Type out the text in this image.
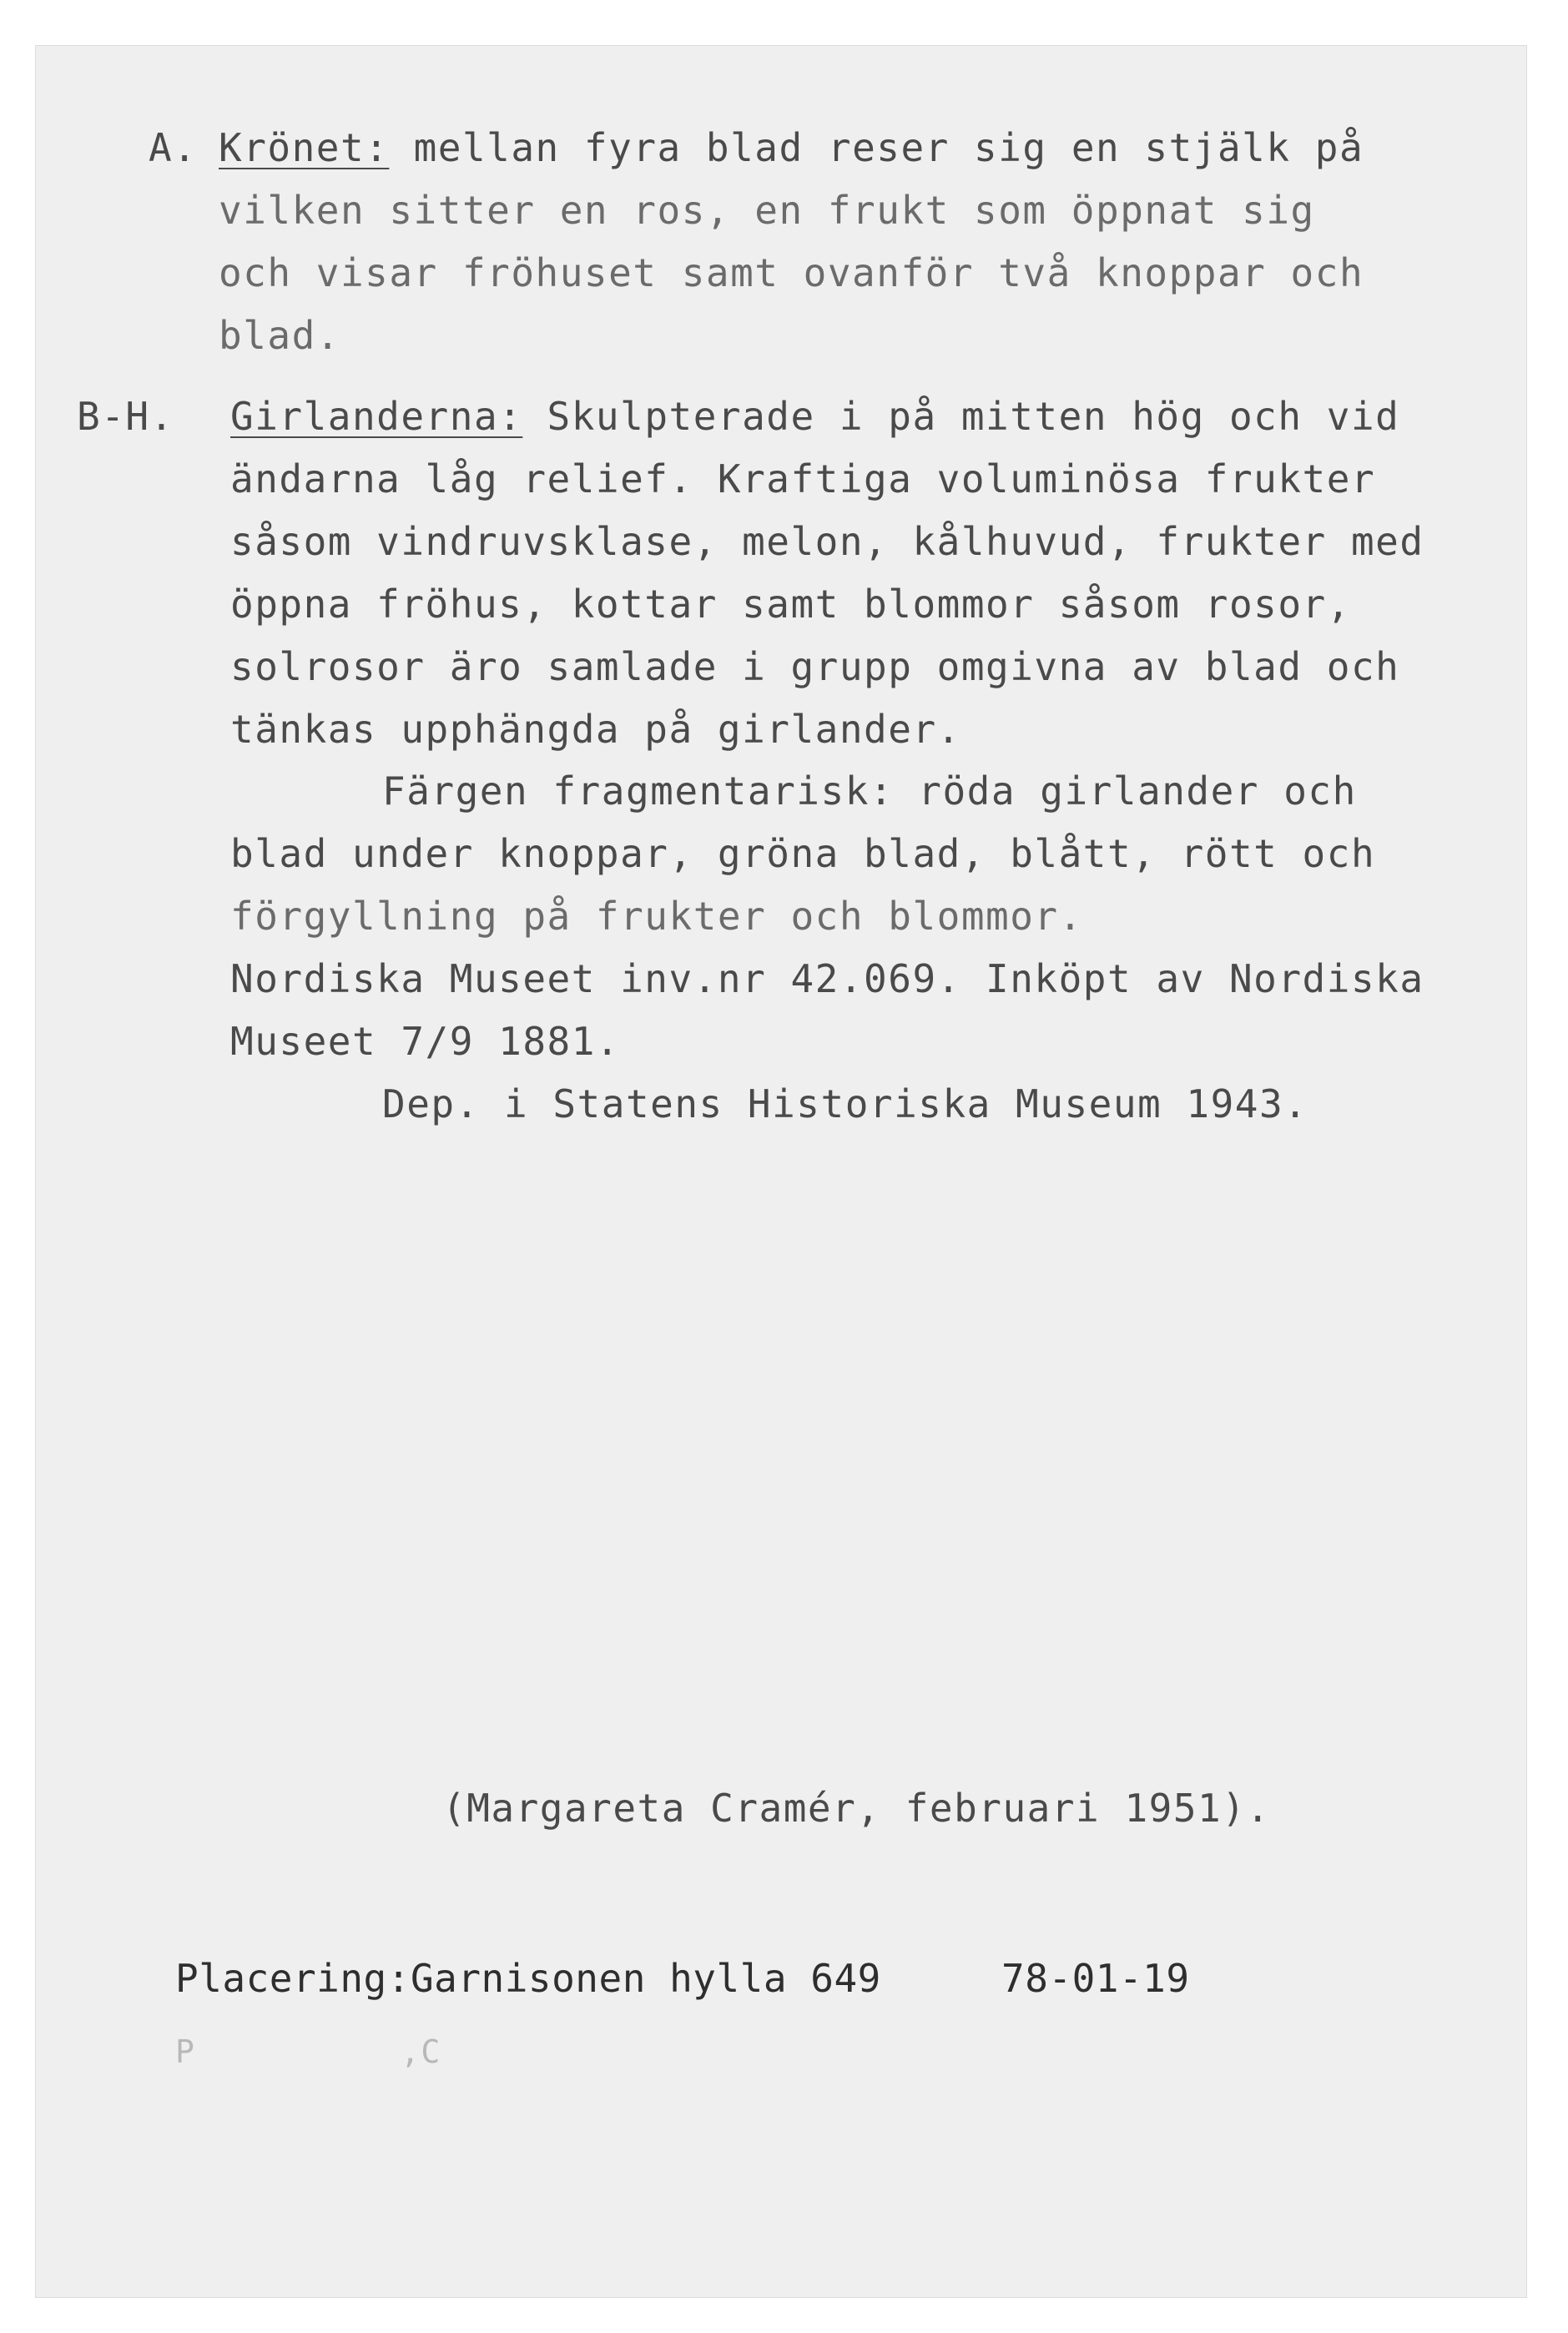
A. Krönet: mellan fyra blad reser sig en stjälk på
vilken sitter en ros, en frukt som öppnat sig
och visar fröhuset samt ovanför två knoppar och
blad.
B-H. Girlanderna: Skulpterade i på mitten hög och vid
ändarna låg relief. Kraftiga voluminösa frukter
såsom vindruvsklase, melon, kålhuvud, frukter med
öppna fröhus, kottar samt blommor såsom rosor,
solrosor äro samlade i grupp omgivna av blad och
tänkas upphängda på girlander.
Färgen fragmentarisk: röda girlander och
blad under knoppar, gröna blad, blått, rött och
förgyllning på frukter och blommor.
Nordiska Museet inv.nr 42.069. Inköpt av Nordiska
Museet 7/9 1881.
Dep. i Statens Historiska Museum 1943.
(Margareta Cramér, februari 1951).
Placering:Garnisonen hylla 649	78-01-19
P	,C
